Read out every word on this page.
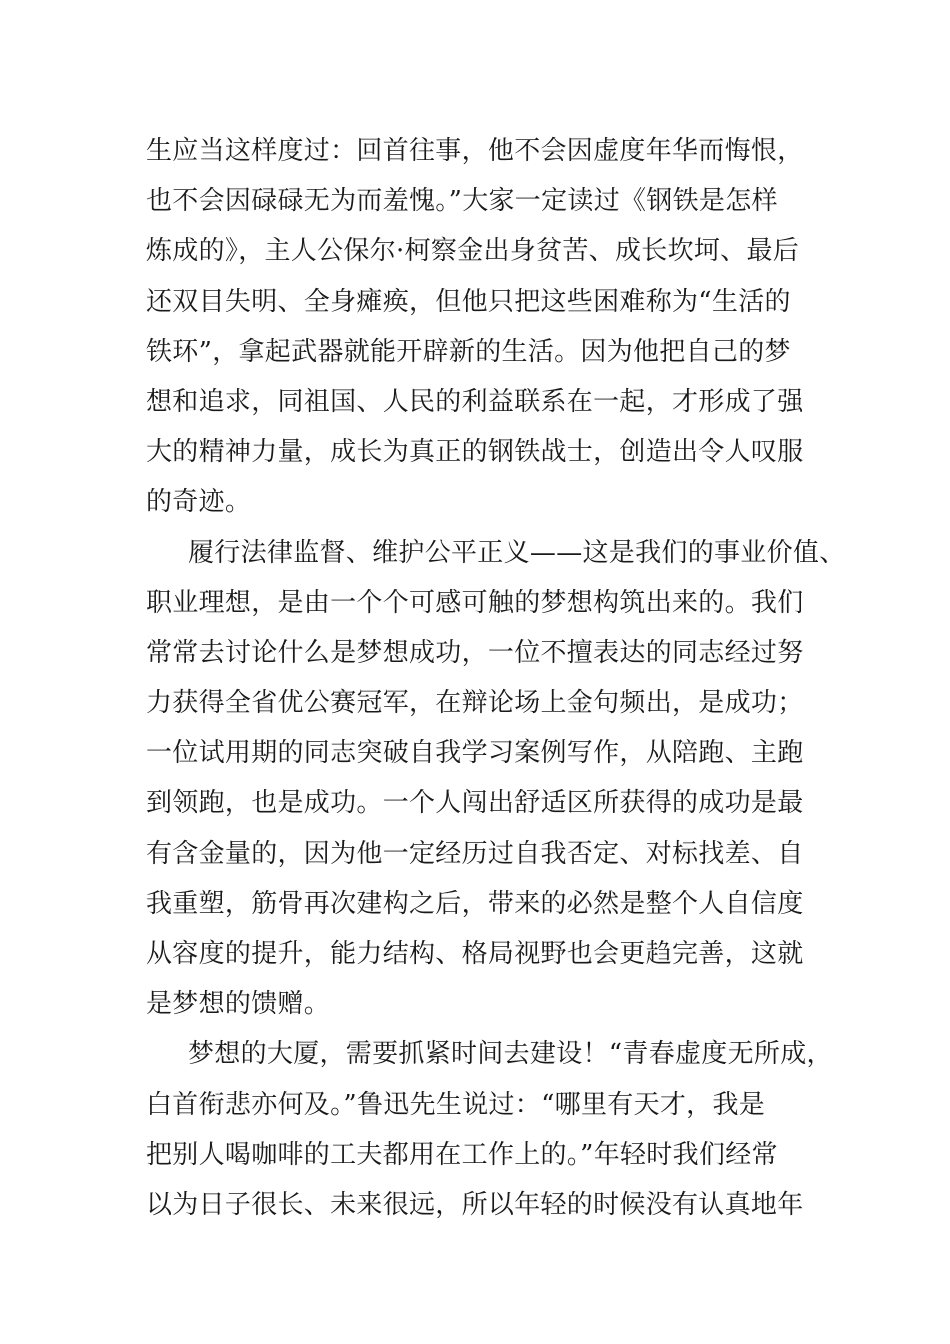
生应当这样度过：回首往事，他不会因虚度年华而悔恨，
也不会因碌碌无为而羞愧。”大家一定读过《钢铁是怎样
炼成的》，主人公保尔·柯察金出身贫苦、成长坎坷、最后
还双目失明、全身瘫痪，但他只把这些困难称为“生活的
铁环”，拿起武器就能开辟新的生活。因为他把自己的梦
想和追求，同祖国、人民的利益联系在一起，才形成了强
大的精神力量，成长为真正的钢铁战士，创造出令人叹服
的奇迹。
履行法律监督、维护公平正义——这是我们的事业价值、
职业理想，是由一个个可感可触的梦想构筑出来的。我们
常常去讨论什么是梦想成功，一位不擅表达的同志经过努
力获得全省优公赛冠军，在辩论场上金句频出，是成功；
一位试用期的同志突破自我学习案例写作，从陪跑、主跑
到领跑，也是成功。一个人闯出舒适区所获得的成功是最
有含金量的，因为他一定经历过自我否定、对标找差、自
我重塑，筋骨再次建构之后，带来的必然是整个人自信度
从容度的提升，能力结构、格局视野也会更趋完善，这就
是梦想的馈赠。
梦想的大厦，需要抓紧时间去建设！“青春虚度无所成，
白首衔悲亦何及。”鲁迅先生说过：“哪里有天才，我是
把别人喝咖啡的工夫都用在工作上的。”年轻时我们经常
以为日子很长、未来很远，所以年轻的时候没有认真地年
